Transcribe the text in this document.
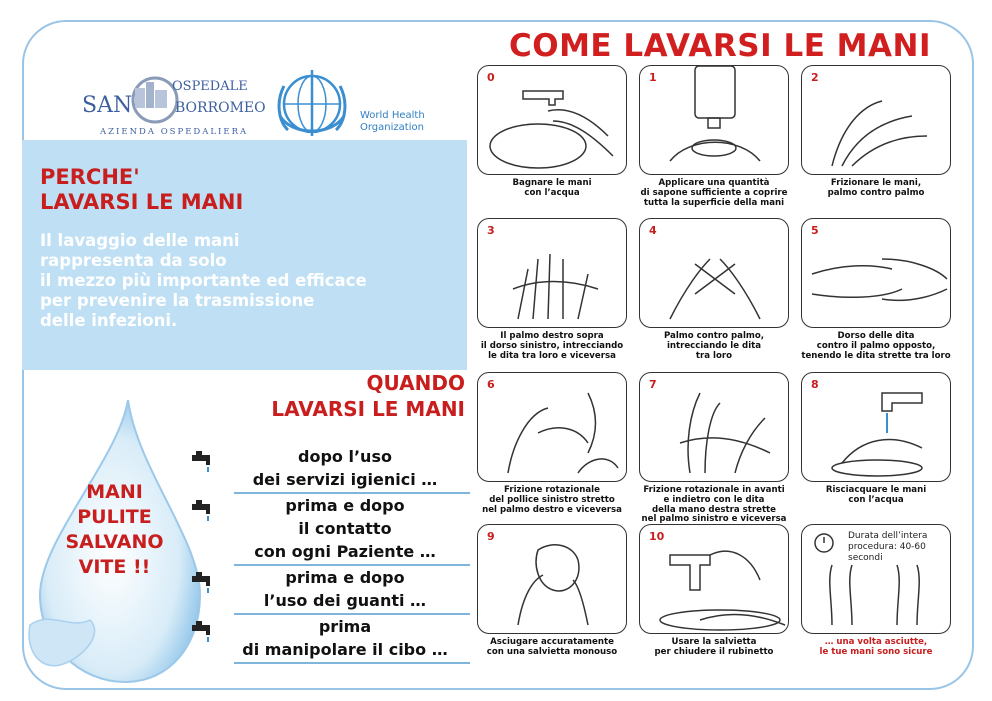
SAN	BORROMEO
OSPEDALE
AZIENDA OSPEDALIERA
World Health
Organization
COME LAVARSI LE MANI
PERCHE'
LAVARSI LE MANI
Il lavaggio delle mani
rappresenta da solo
il mezzo più importante ed efficace
per prevenire la trasmissione
delle infezioni.
QUANDO
LAVARSI LE MANI
MANI
PULITE
SALVANO
VITE !!
dopo l’uso
dei servizi igienici …
prima e dopo
il contatto
con ogni Paziente …
prima e dopo
l’uso dei guanti …
prima
di manipolare il cibo …
0
Bagnare le mani
con l’acqua
1
Applicare una quantità
di sapone sufficiente a coprire
tutta la superficie della mani
2
Frizionare le mani,
palmo contro palmo
3
Il palmo destro sopra
il dorso sinistro, intrecciando
le dita tra loro e viceversa
4
Palmo contro palmo,
intrecciando le dita
tra loro
5
Dorso delle dita
contro il palmo opposto,
tenendo le dita strette tra loro
6
Frizione rotazionale
del pollice sinistro stretto
nel palmo destro e viceversa
7
Frizione rotazionale in avanti
e indietro con le dita
della mano destra strette
nel palmo sinistro e viceversa
8
Risciacquare le mani
con l’acqua
9
Asciugare accuratamente
con una salvietta monouso
10
Usare la salvietta
per chiudere il rubinetto
Durata dell’intera
procedura: 40-60
secondi
… una volta asciutte,
le tue mani sono sicure
